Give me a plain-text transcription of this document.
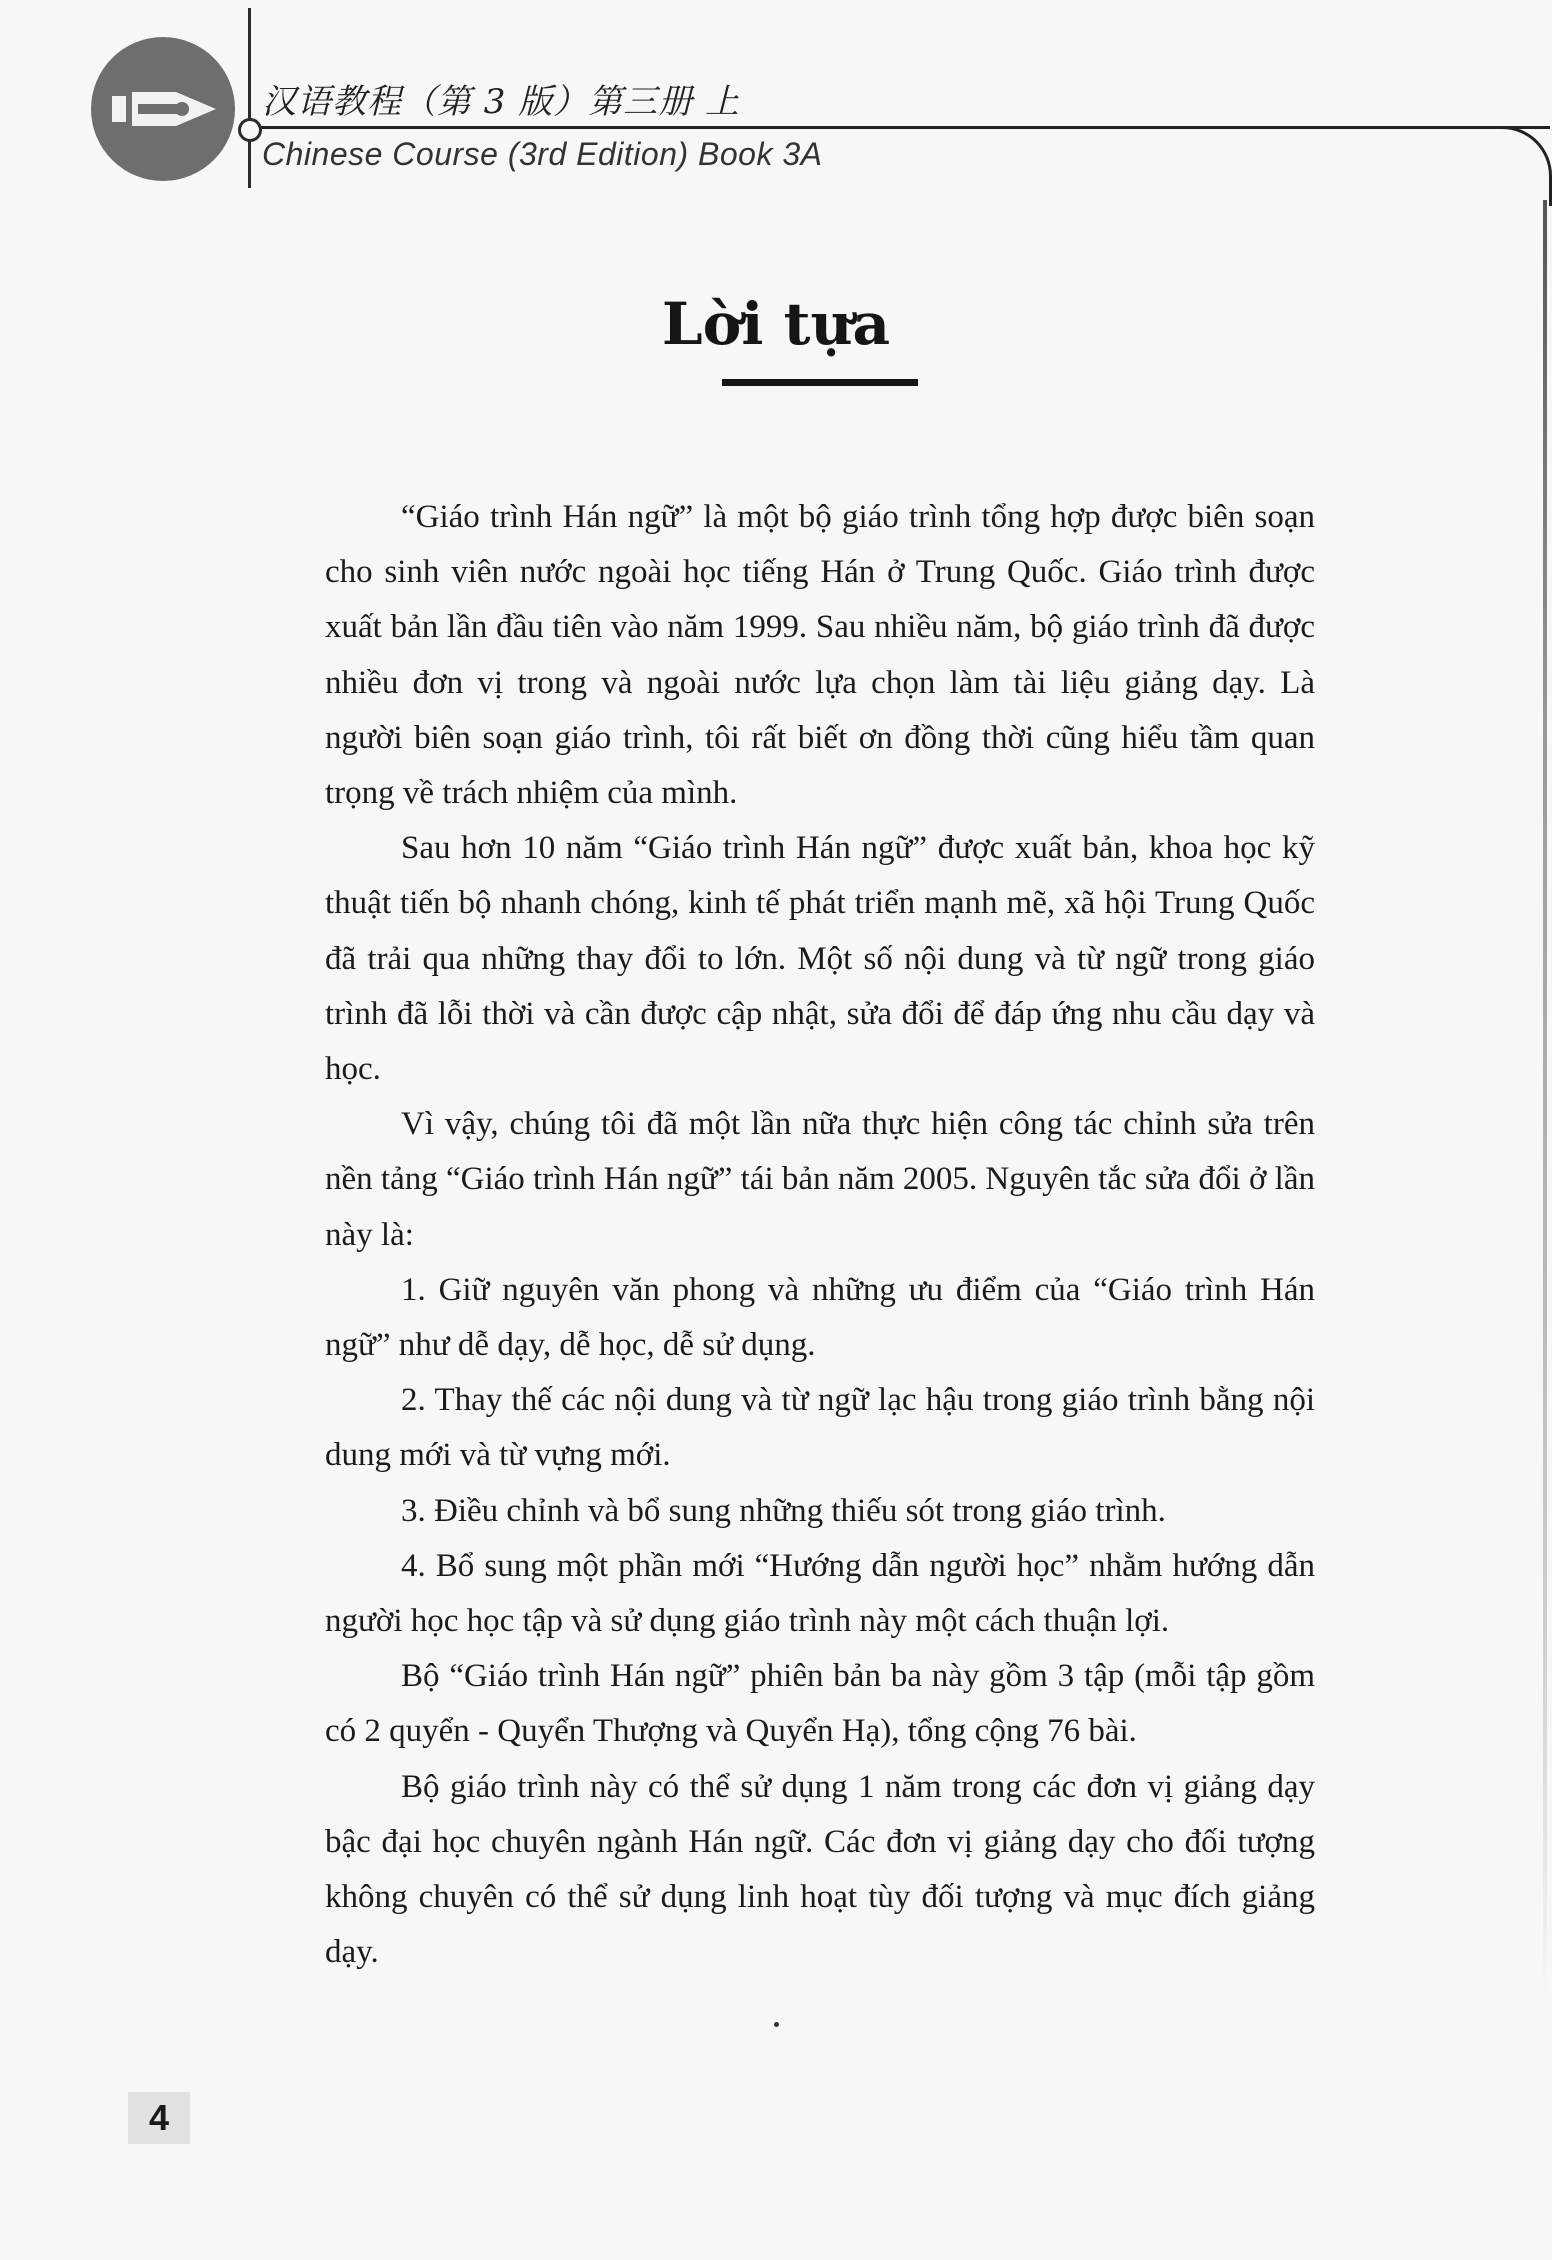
汉语教程（第 3 版）第三册 上
Chinese Course (3rd Edition) Book 3A
Lời tựa

“Giáo trình Hán ngữ” là một bộ giáo trình tổng hợp được biên soạn cho sinh viên nước ngoài học tiếng Hán ở Trung Quốc. Giáo trình được xuất bản lần đầu tiên vào năm 1999. Sau nhiều năm, bộ giáo trình đã được nhiều đơn vị trong và ngoài nước lựa chọn làm tài liệu giảng dạy. Là người biên soạn giáo trình, tôi rất biết ơn đồng thời cũng hiểu tầm quan trọng về trách nhiệm của mình.

Sau hơn 10 năm “Giáo trình Hán ngữ” được xuất bản, khoa học kỹ thuật tiến bộ nhanh chóng, kinh tế phát triển mạnh mẽ, xã hội Trung Quốc đã trải qua những thay đổi to lớn. Một số nội dung và từ ngữ trong giáo trình đã lỗi thời và cần được cập nhật, sửa đổi để đáp ứng nhu cầu dạy và học.

Vì vậy, chúng tôi đã một lần nữa thực hiện công tác chỉnh sửa trên nền tảng “Giáo trình Hán ngữ” tái bản năm 2005. Nguyên tắc sửa đổi ở lần này là:

1. Giữ nguyên văn phong và những ưu điểm của “Giáo trình Hán ngữ” như dễ dạy, dễ học, dễ sử dụng.

2. Thay thế các nội dung và từ ngữ lạc hậu trong giáo trình bằng nội dung mới và từ vựng mới.

3. Điều chỉnh và bổ sung những thiếu sót trong giáo trình.

4. Bổ sung một phần mới “Hướng dẫn người học” nhằm hướng dẫn người học học tập và sử dụng giáo trình này một cách thuận lợi.

Bộ “Giáo trình Hán ngữ” phiên bản ba này gồm 3 tập (mỗi tập gồm có 2 quyển - Quyển Thượng và Quyển Hạ), tổng cộng 76 bài.

Bộ giáo trình này có thể sử dụng 1 năm trong các đơn vị giảng dạy bậc đại học chuyên ngành Hán ngữ. Các đơn vị giảng dạy cho đối tượng không chuyên có thể sử dụng linh hoạt tùy đối tượng và mục đích giảng dạy.

4
